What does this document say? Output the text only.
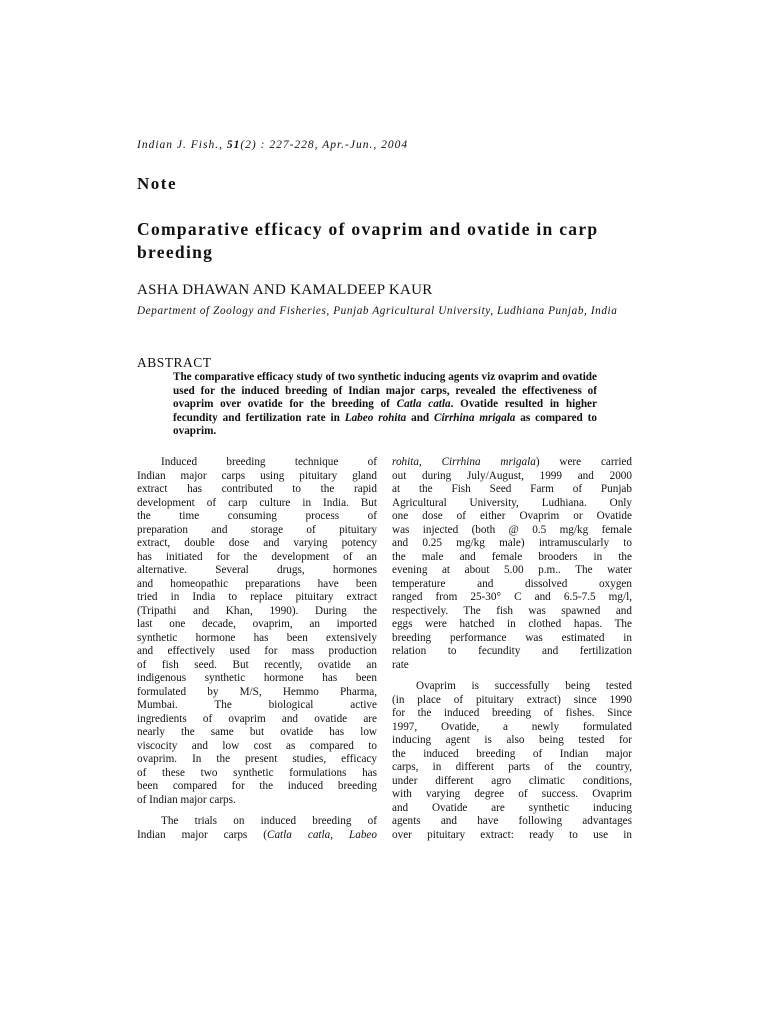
Indian J. Fish., 51(2) : 227-228, Apr.-Jun., 2004
Note
Comparative efficacy of ovaprim and ovatide in carp breeding
ASHA DHAWAN AND KAMALDEEP KAUR
Department of Zoology and Fisheries, Punjab Agricultural University, Ludhiana Punjab, India
ABSTRACT
The comparative efficacy study of two synthetic inducing agents viz ovaprim and ovatide used for the induced breeding of Indian major carps, revealed the effectiveness of ovaprim over ovatide for the breeding of Catla catla. Ovatide resulted in higher fecundity and fertilization rate in Labeo rohita and Cirrhina mrigala as compared to ovaprim.
Induced breeding technique of
Indian major carps using pituitary gland
extract has contributed to the rapid
development of carp culture in India. But
the time consuming process of
preparation and storage of pituitary
extract, double dose and varying potency
has initiated for the development of an
alternative. Several drugs, hormones
and homeopathic preparations have been
tried in India to replace pituitary extract
(Tripathi and Khan, 1990). During the
last one decade, ovaprim, an imported
synthetic hormone has been extensively
and effectively used for mass production
of fish seed. But recently, ovatide an
indigenous synthetic hormone has been
formulated by M/S, Hemmo Pharma,
Mumbai. The biological active
ingredients of ovaprim and ovatide are
nearly the same but ovatide has low
viscocity and low cost as compared to
ovaprim. In the present studies, efficacy
of these two synthetic formulations has
been compared for the induced breeding
of Indian major carps.
The trials on induced breeding of
Indian major carps (Catla catla, Labeo
rohita, Cirrhina mrigala) were carried
out during July/August, 1999 and 2000
at the Fish Seed Farm of Punjab
Agricultural University, Ludhiana. Only
one dose of either Ovaprim or Ovatide
was injected (both @ 0.5 mg/kg female
and 0.25 mg/kg male) intramuscularly to
the male and female brooders in the
evening at about 5.00 p.m.. The water
temperature and dissolved oxygen
ranged from 25-30° C and 6.5-7.5 mg/l,
respectively. The fish was spawned and
eggs were hatched in clothed hapas. The
breeding performance was estimated in
relation to fecundity and fertilization
rate
Ovaprim is successfully being tested
(in place of pituitary extract) since 1990
for the induced breeding of fishes. Since
1997, Ovatide, a newly formulated
inducing agent is also being tested for
the induced breeding of Indian major
carps, in different parts of the country,
under different agro climatic conditions,
with varying degree of success. Ovaprim
and Ovatide are synthetic inducing
agents and have following advantages
over pituitary extract: ready to use in
